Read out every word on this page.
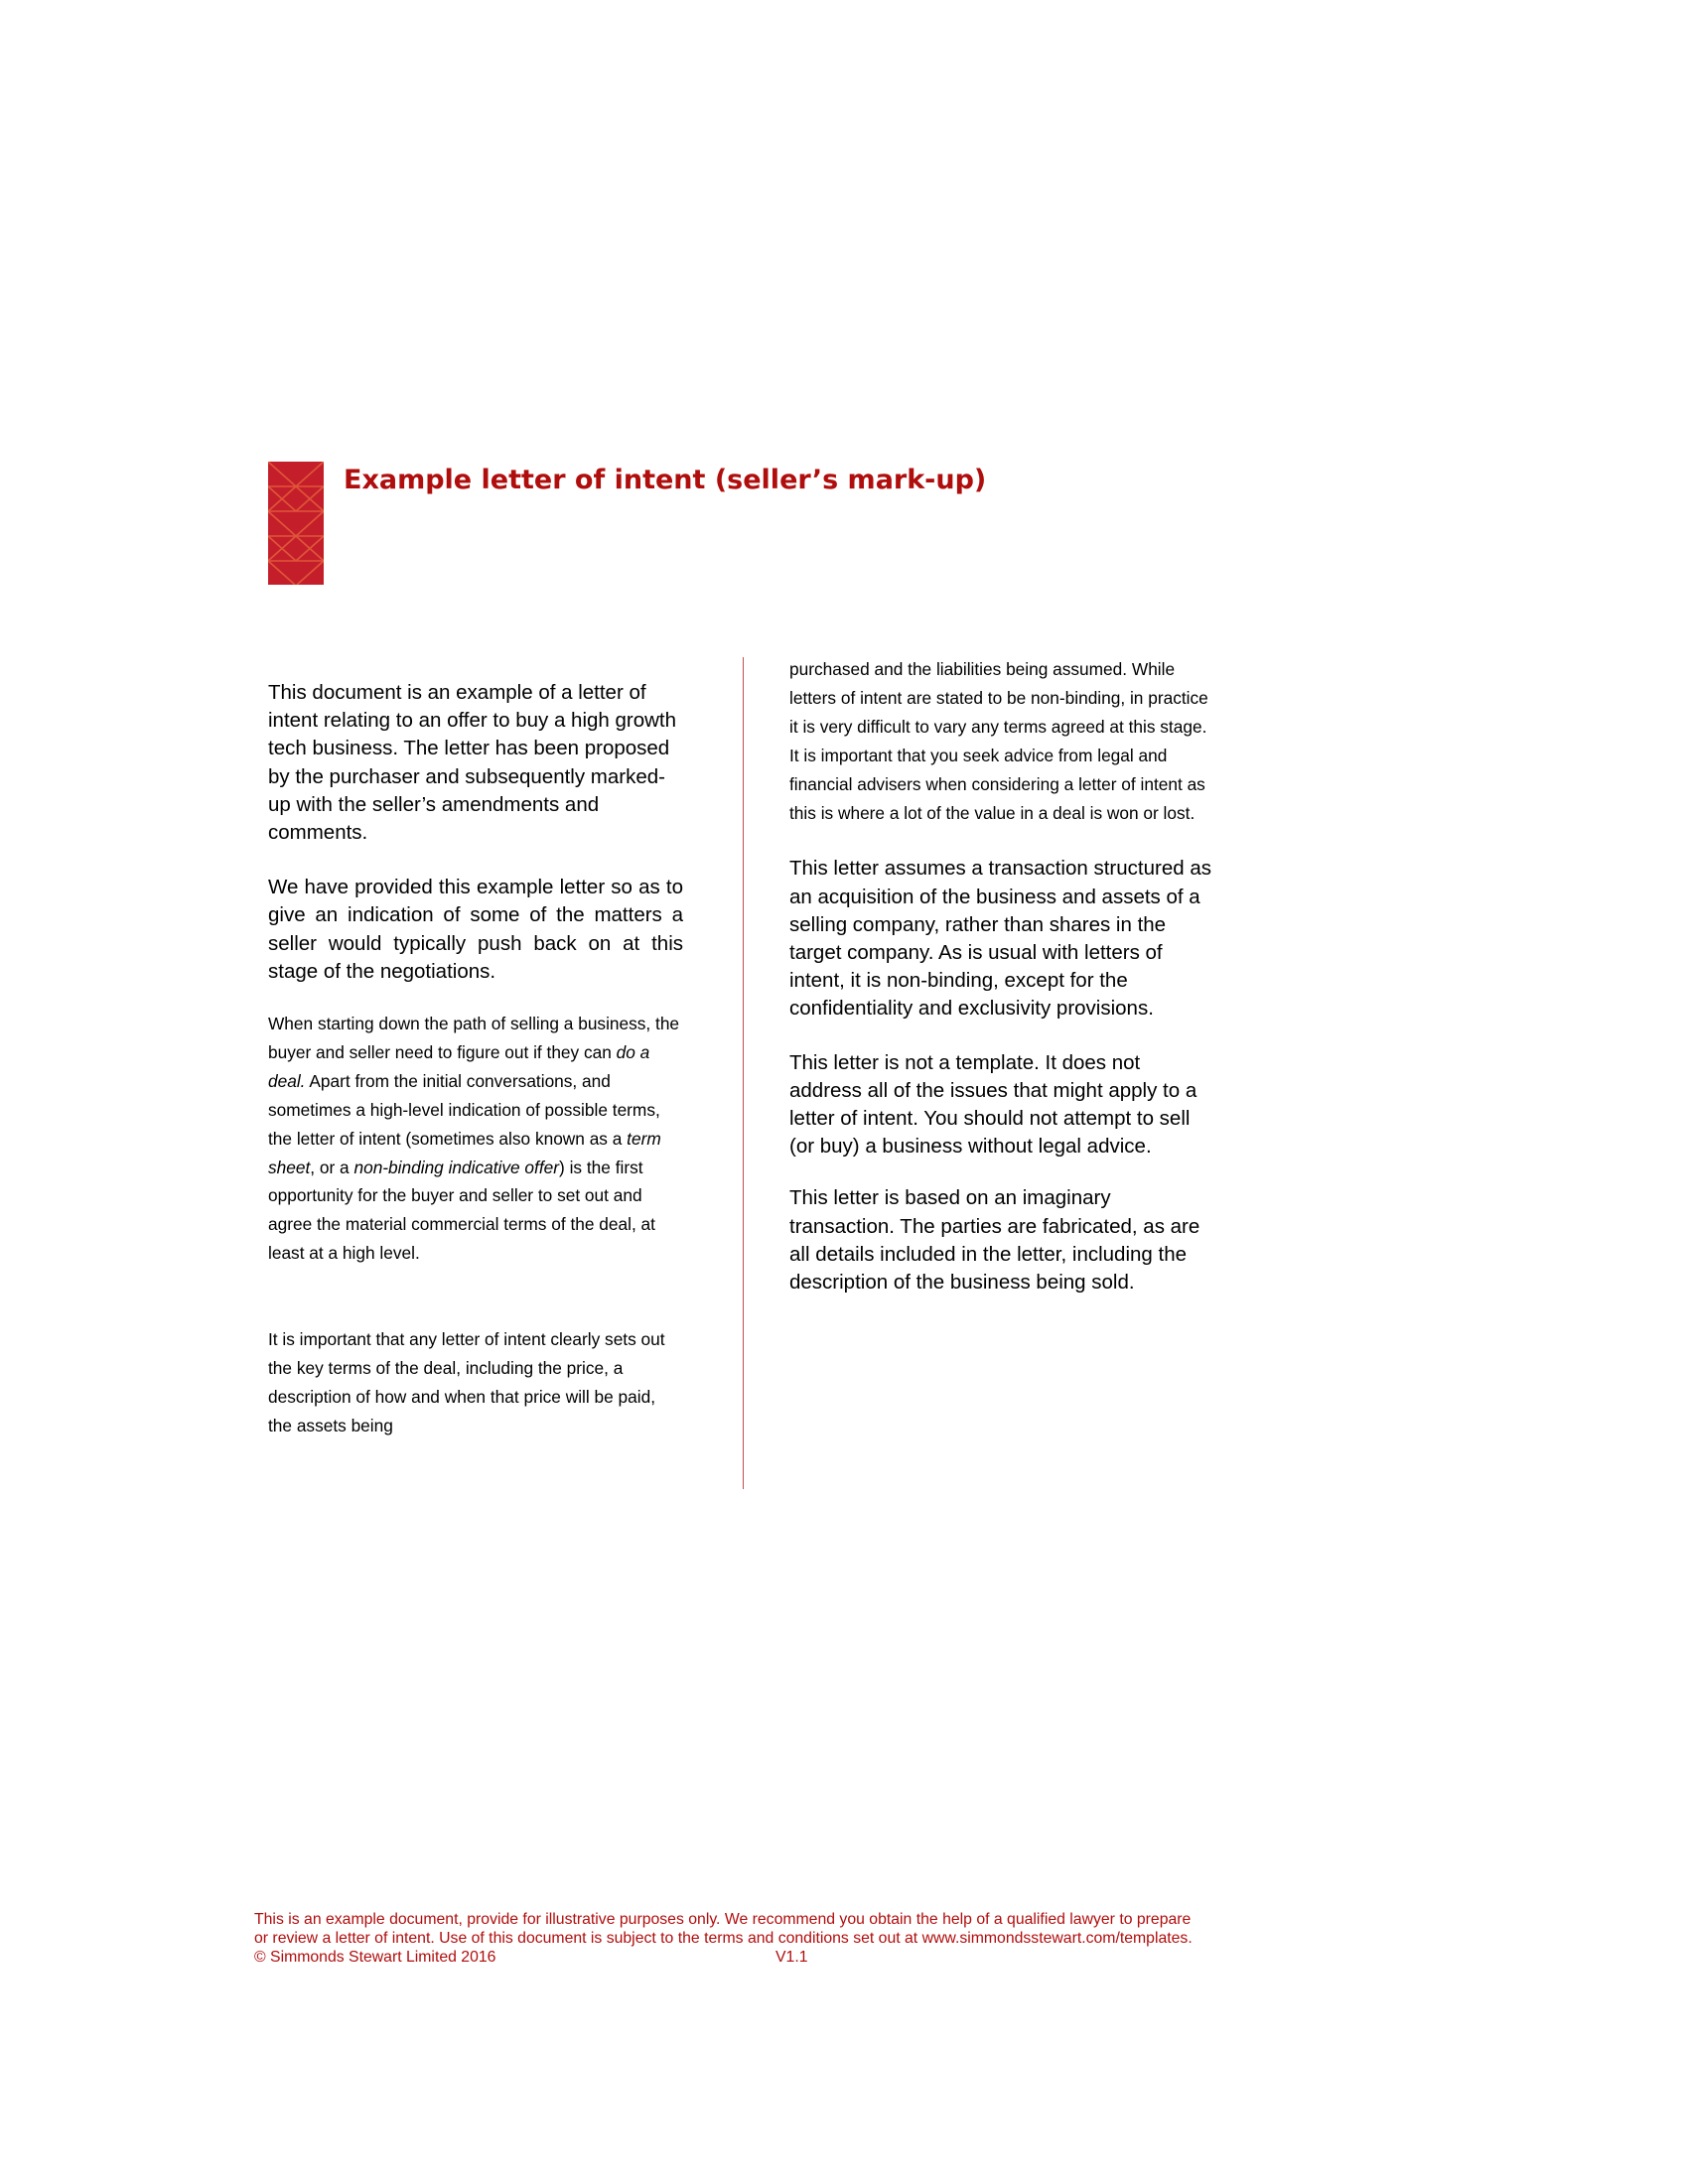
Example letter of intent (seller’s mark-up)

This document is an example of a letter of intent relating to an offer to buy a high growth tech business. The letter has been proposed by the purchaser and subsequently marked-up with the seller’s amendments and comments.

We have provided this example letter so as to give an indication of some of the matters a seller would typically push back on at this stage of the negotiations.

When starting down the path of selling a business, the buyer and seller need to figure out if they can do a deal. Apart from the initial conversations, and sometimes a high-level indication of possible terms, the letter of intent (sometimes also known as a term sheet, or a non-binding indicative offer) is the first opportunity for the buyer and seller to set out and agree the material commercial terms of the deal, at least at a high level.

It is important that any letter of intent clearly sets out the key terms of the deal, including the price, a description of how and when that price will be paid, the assets being

purchased and the liabilities being assumed. While letters of intent are stated to be non-binding, in practice it is very difficult to vary any terms agreed at this stage. It is important that you seek advice from legal and financial advisers when considering a letter of intent as this is where a lot of the value in a deal is won or lost.

This letter assumes a transaction structured as an acquisition of the business and assets of a selling company, rather than shares in the target company. As is usual with letters of intent, it is non-binding, except for the confidentiality and exclusivity provisions.

This letter is not a template. It does not address all of the issues that might apply to a letter of intent. You should not attempt to sell (or buy) a business without legal advice.

This letter is based on an imaginary transaction. The parties are fabricated, as are all details included in the letter, including the description of the business being sold.

This is an example document, provide for illustrative purposes only. We recommend you obtain the help of a qualified lawyer to prepare or review a letter of intent. Use of this document is subject to the terms and conditions set out at www.simmondsstewart.com/templates.

© Simmonds Stewart Limited 2016	V1.1
